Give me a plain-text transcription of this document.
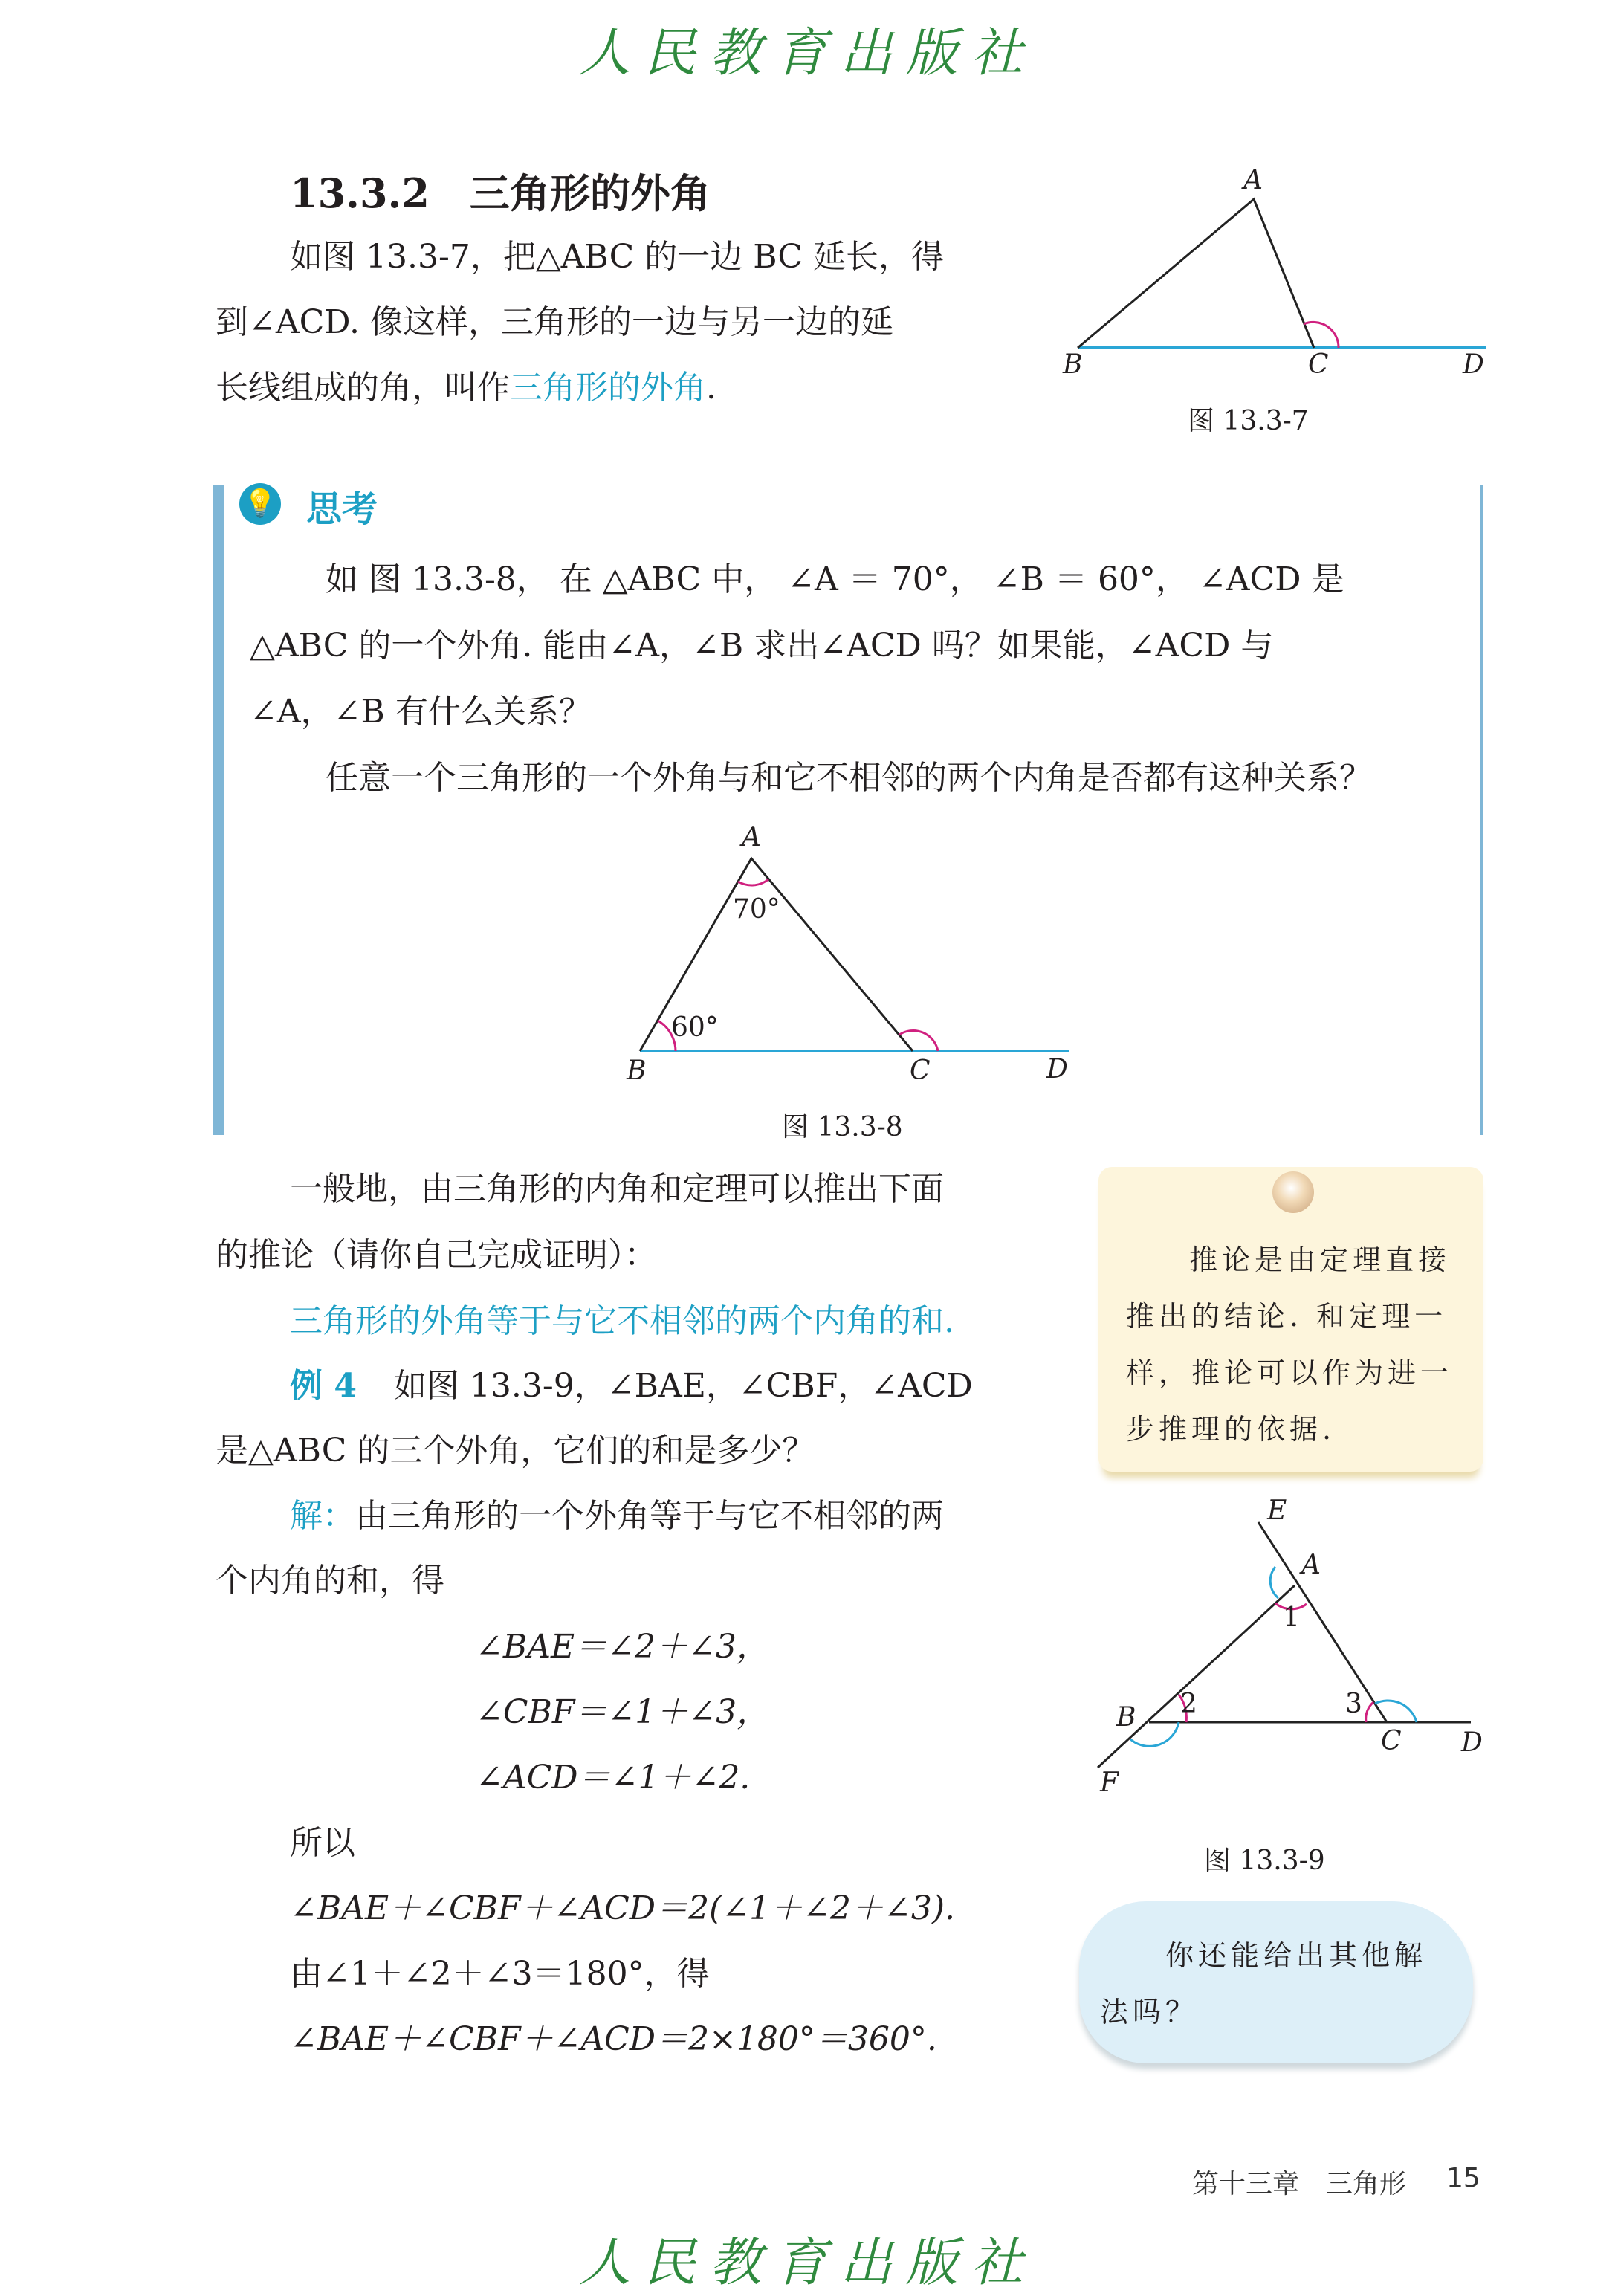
人民教育出版社
13.3.2　三角形的外角
如图 13.3-7，把△ABC 的一边 BC 延长，得
到∠ACD. 像这样，三角形的一边与另一边的延
长线组成的角，叫作三角形的外角.
A
B	C	D
图 13.3-7
💡 思考
如 图 13.3-8， 在 △ABC 中， ∠A ＝ 70°， ∠B ＝ 60°， ∠ACD 是
△ABC 的一个外角. 能由∠A，∠B 求出∠ACD 吗？如果能，∠ACD 与
∠A，∠B 有什么关系？
任意一个三角形的一个外角与和它不相邻的两个内角是否都有这种关系？
A
B	C	D
70°
60°
图 13.3-8
一般地，由三角形的内角和定理可以推出下面
的推论（请你自己完成证明）：
三角形的外角等于与它不相邻的两个内角的和.
例 4 如图 13.3-9，∠BAE，∠CBF，∠ACD
是△ABC 的三个外角，它们的和是多少？
解：由三角形的一个外角等于与它不相邻的两
个内角的和，得
∠BAE＝∠2＋∠3，
∠CBF＝∠1＋∠3，
∠ACD＝∠1＋∠2.
所以
∠BAE＋∠CBF＋∠ACD＝2(∠1＋∠2＋∠3).
由∠1＋∠2＋∠3＝180°，得
∠BAE＋∠CBF＋∠ACD＝2×180°＝360°.
推论是由定理直接
推出的结论. 和定理一
样，推论可以作为进一
步推理的依据.
E
A
1
2	3
B
C D
F
图 13.3-9
你还能给出其他解
法吗？
第十三章　三角形 15
人民教育出版社
